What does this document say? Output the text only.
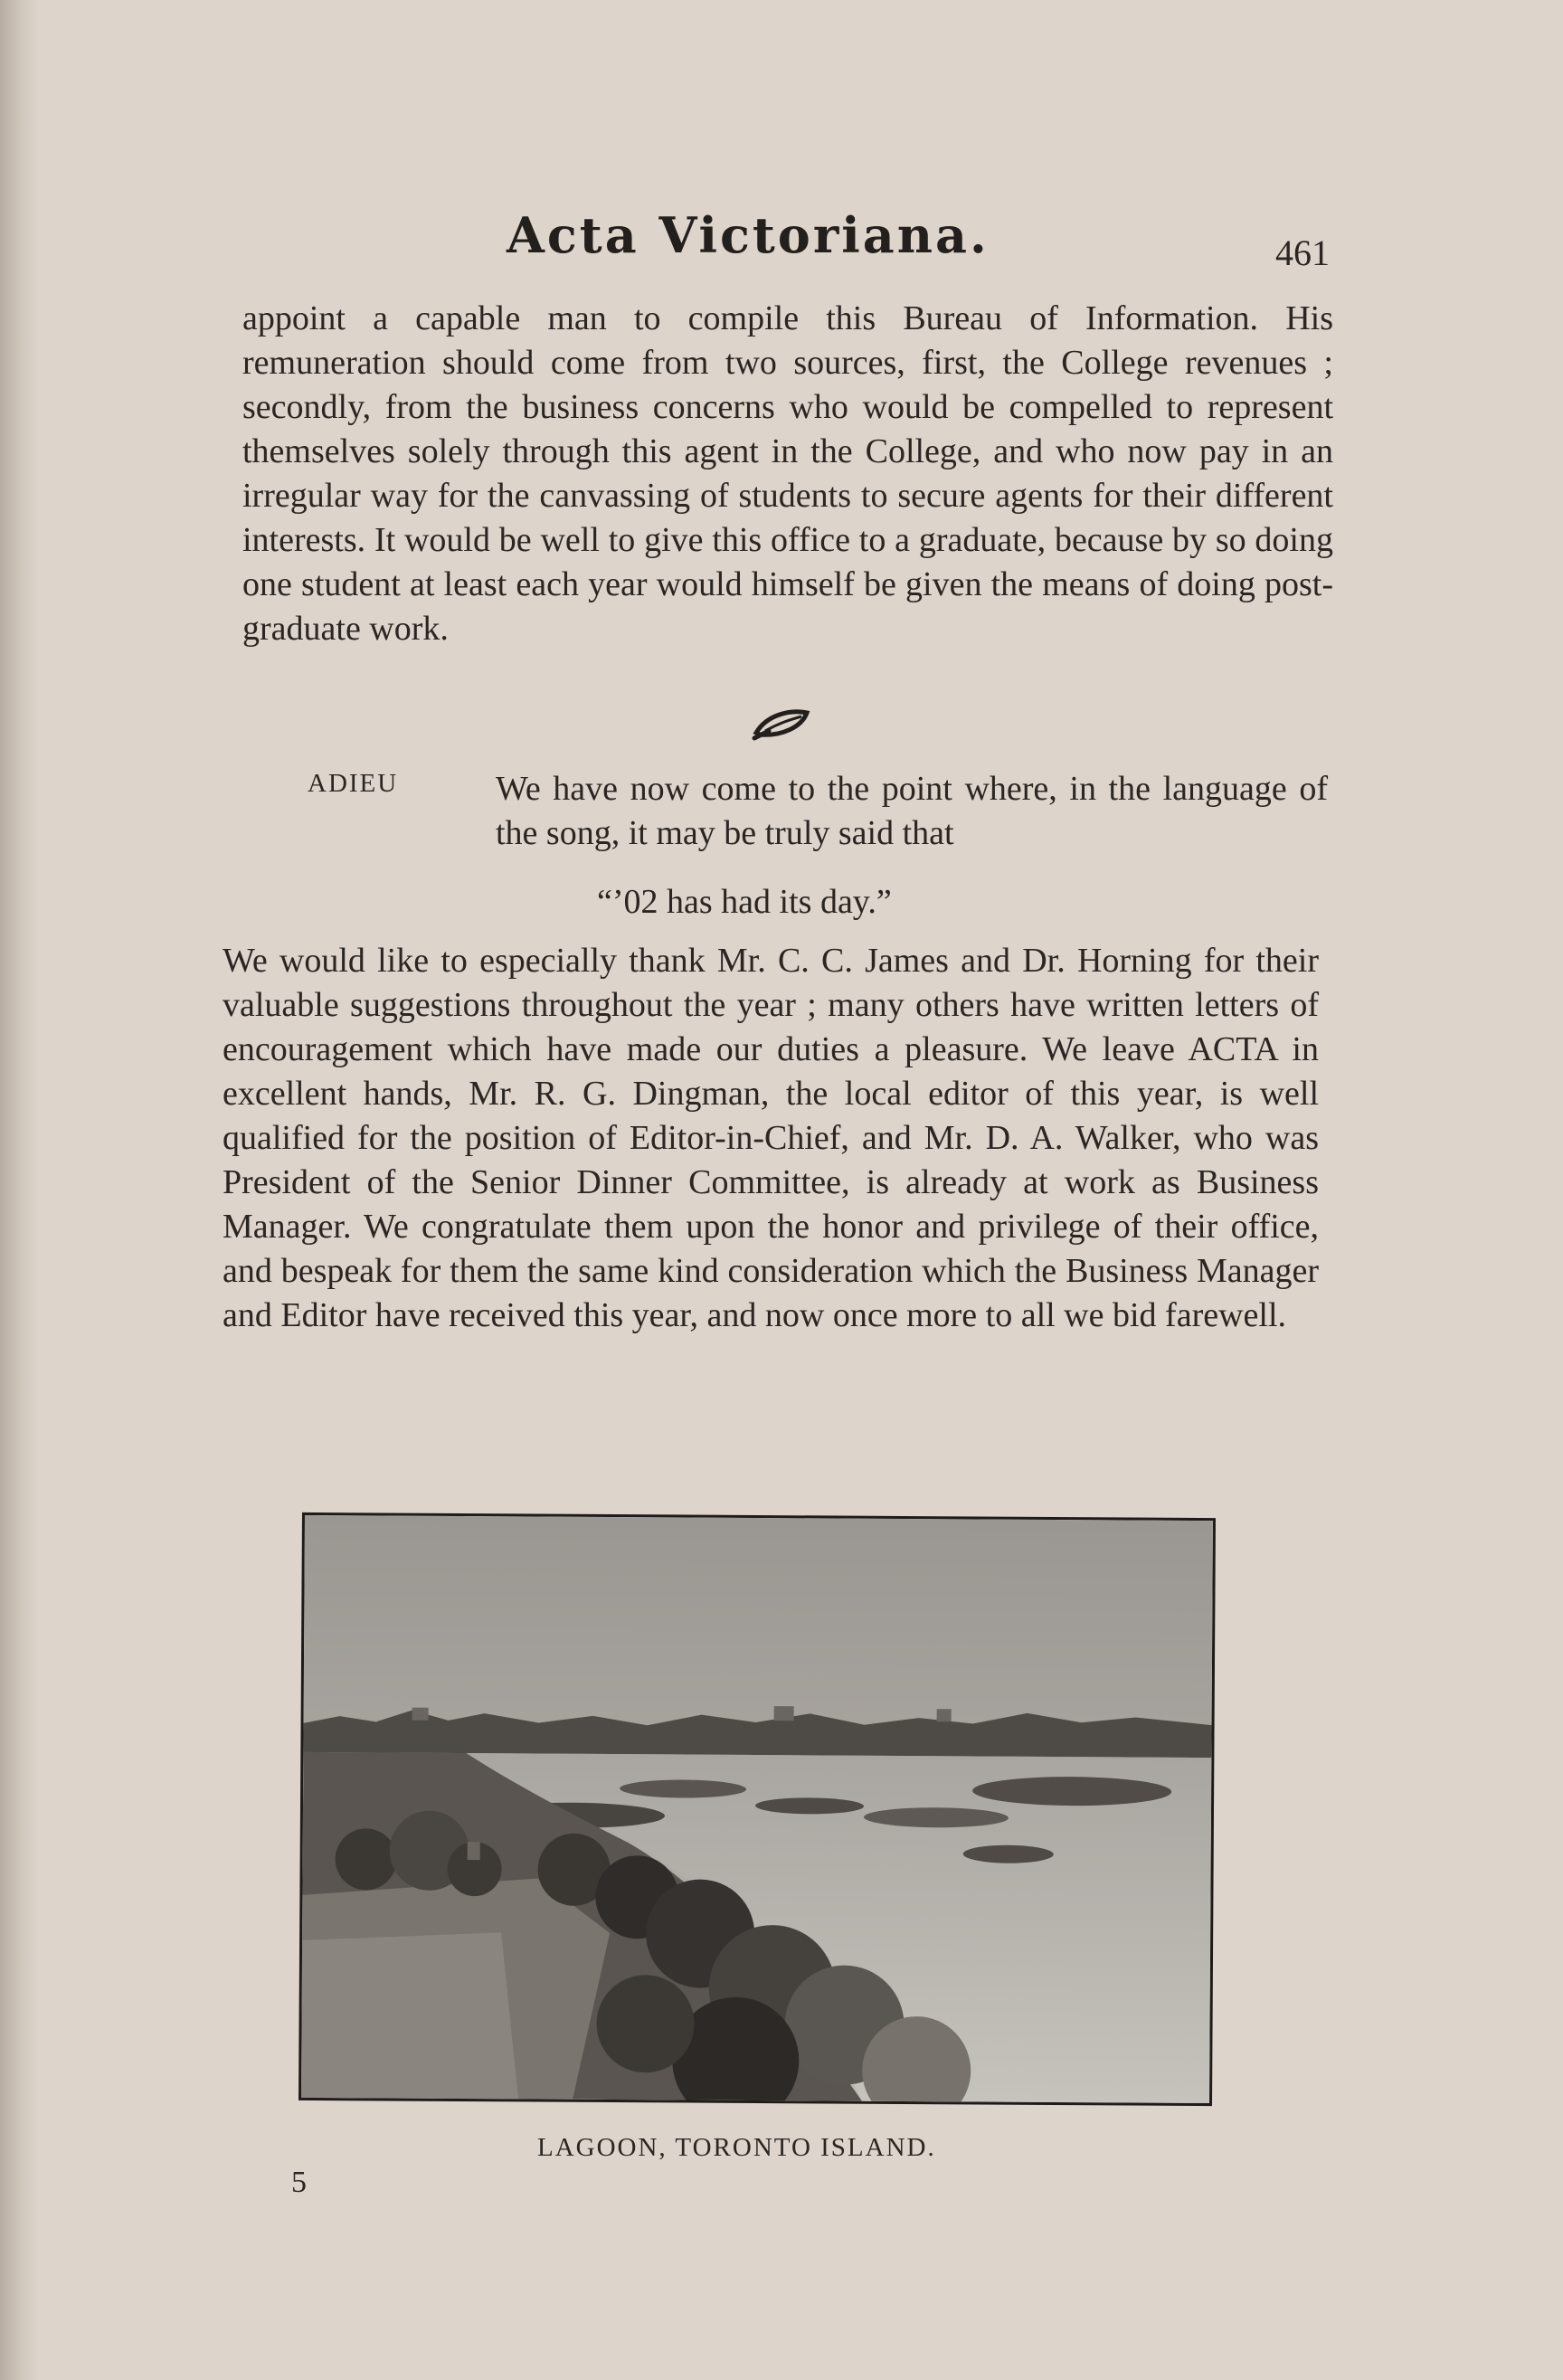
Acta Victoriana.	461

appoint a capable man to compile this Bureau of Information. His remuneration should come from two sources, first, the College revenues ; secondly, from the business concerns who would be compelled to represent themselves solely through this agent in the College, and who now pay in an irregular way for the canvassing of students to secure agents for their different interests. It would be well to give this office to a graduate, because by so doing one student at least each year would himself be given the means of doing post-graduate work.

ADIEU	We have now come to the point where, in the language of the song, it may be truly said that

“’02 has had its day.”

We would like to especially thank Mr. C. C. James and Dr. Horning for their valuable suggestions throughout the year ; many others have written letters of encouragement which have made our duties a pleasure. We leave ACTA in excellent hands, Mr. R. G. Dingman, the local editor of this year, is well qualified for the position of Editor-in-Chief, and Mr. D. A. Walker, who was President of the Senior Dinner Committee, is already at work as Business Manager. We congratulate them upon the honor and privilege of their office, and bespeak for them the same kind consideration which the Business Manager and Editor have received this year, and now once more to all we bid farewell.

LAGOON, TORONTO ISLAND.
5
